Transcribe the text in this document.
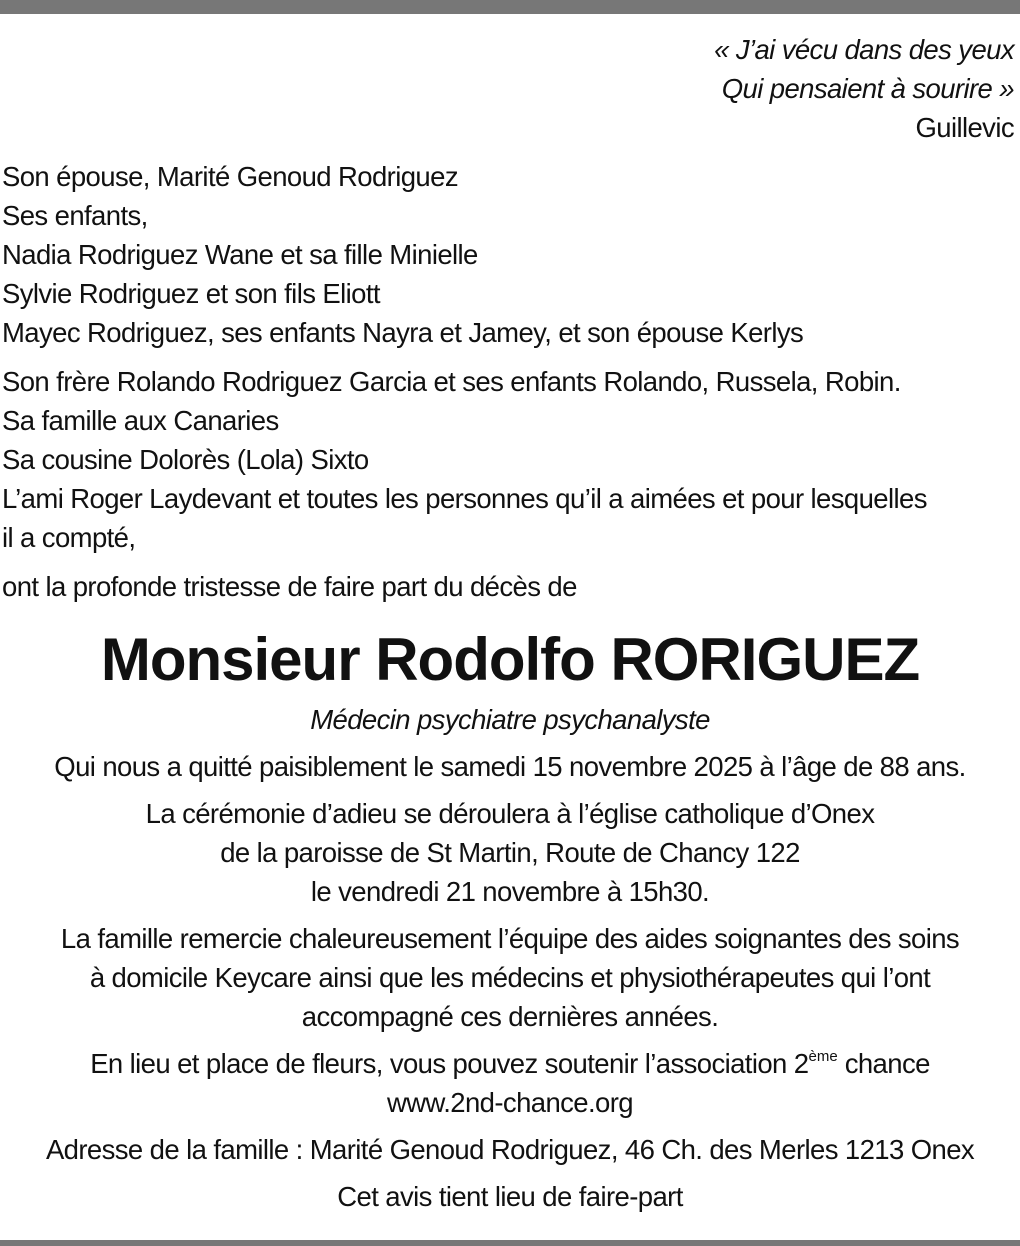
« J’ai vécu dans des yeux
Qui pensaient à sourire »
Guillevic
Son épouse, Marité Genoud Rodriguez
Ses enfants,
Nadia Rodriguez Wane et sa fille Minielle
Sylvie Rodriguez et son fils Eliott
Mayec Rodriguez, ses enfants Nayra et Jamey, et son épouse Kerlys
Son frère Rolando Rodriguez Garcia et ses enfants Rolando, Russela, Robin.
Sa famille aux Canaries
Sa cousine Dolorès (Lola) Sixto
L’ami Roger Laydevant et toutes les personnes qu’il a aimées et pour lesquelles
il a compté,
ont la profonde tristesse de faire part du décès de
Monsieur Rodolfo RORIGUEZ
Médecin psychiatre psychanalyste
Qui nous a quitté paisiblement le samedi 15 novembre 2025 à l’âge de 88 ans.
La cérémonie d’adieu se déroulera à l’église catholique d’Onex
de la paroisse de St Martin, Route de Chancy 122
le vendredi 21 novembre à 15h30.
La famille remercie chaleureusement l’équipe des aides soignantes des soins
à domicile Keycare ainsi que les médecins et physiothérapeutes qui l’ont
accompagné ces dernières années.
En lieu et place de fleurs, vous pouvez soutenir l’association 2ème chance
www.2nd-chance.org
Adresse de la famille : Marité Genoud Rodriguez, 46 Ch. des Merles 1213 Onex
Cet avis tient lieu de faire-part
